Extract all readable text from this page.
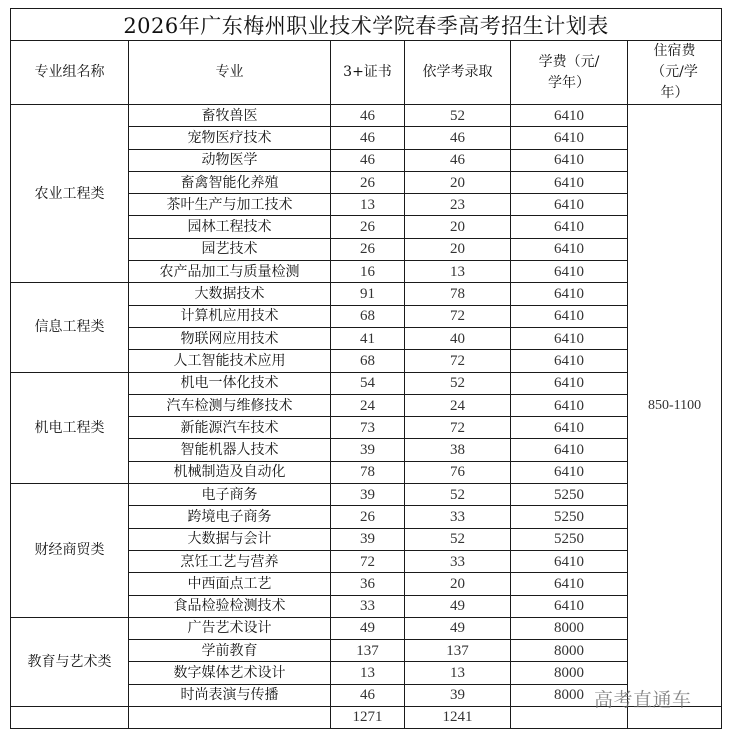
2026年广东梅州职业技术学院春季高考招生计划表					
专业组名称	专业	3+证书	依学考录取	学费（元/学年）	住宿费（元/学年）
农业工程类	畜牧兽医	46	52	6410	850-1100
	宠物医疗技术	46	46	6410	
	动物医学	46	46	6410	
	畜禽智能化养殖	26	20	6410	
	茶叶生产与加工技术	13	23	6410	
	园林工程技术	26	20	6410	
	园艺技术	26	20	6410	
	农产品加工与质量检测	16	13	6410	
信息工程类	大数据技术	91	78	6410	
	计算机应用技术	68	72	6410	
	物联网应用技术	41	40	6410	
	人工智能技术应用	68	72	6410	
机电工程类	机电一体化技术	54	52	6410	
	汽车检测与维修技术	24	24	6410	
	新能源汽车技术	73	72	6410	
	智能机器人技术	39	38	6410	
	机械制造及自动化	78	76	6410	
财经商贸类	电子商务	39	52	5250	
	跨境电子商务	26	33	5250	
	大数据与会计	39	52	5250	
	烹饪工艺与营养	72	33	6410	
	中西面点工艺	36	20	6410	
	食品检验检测技术	33	49	6410	
教育与艺术类	广告艺术设计	49	49	8000	
	学前教育	137	137	8000	
	数字媒体艺术设计	13	13	8000	
	时尚表演与传播	46	39	8000	
		1271	1241		
高考直通车
